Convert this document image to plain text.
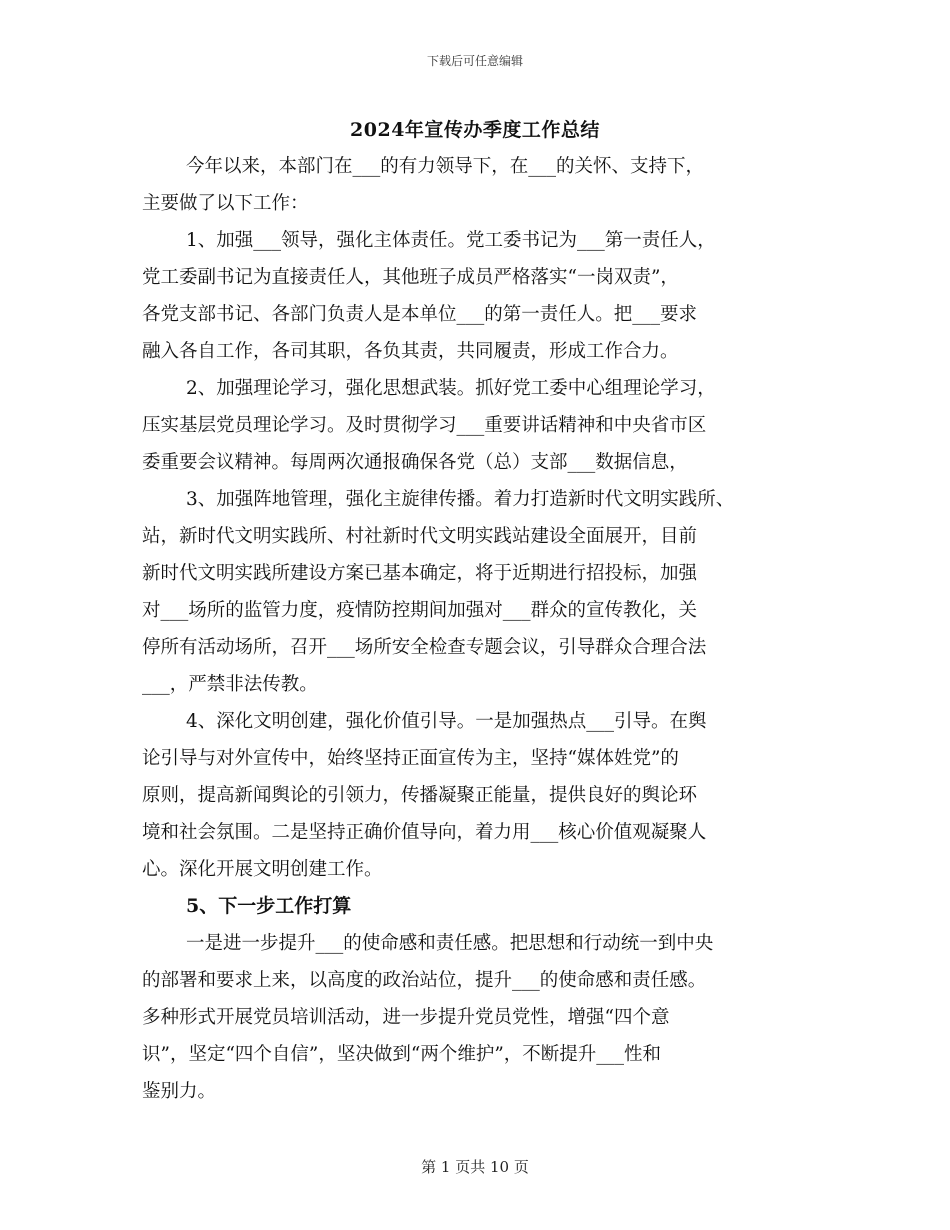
下载后可任意编辑
2024年宣传办季度工作总结
今年以来，本部门在___的有力领导下，在___的关怀、支持下，
主要做了以下工作：
1、加强___领导，强化主体责任。党工委书记为___第一责任人，
党工委副书记为直接责任人，其他班子成员严格落实“一岗双责”，
各党支部书记、各部门负责人是本单位___的第一责任人。把___要求
融入各自工作，各司其职，各负其责，共同履责，形成工作合力。
2、加强理论学习，强化思想武装。抓好党工委中心组理论学习，
压实基层党员理论学习。及时贯彻学习___重要讲话精神和中央省市区
委重要会议精神。每周两次通报确保各党（总）支部___数据信息，
3、加强阵地管理，强化主旋律传播。着力打造新时代文明实践所、
站，新时代文明实践所、村社新时代文明实践站建设全面展开，目前
新时代文明实践所建设方案已基本确定，将于近期进行招投标，加强
对___场所的监管力度，疫情防控期间加强对___群众的宣传教化，关
停所有活动场所，召开___场所安全检查专题会议，引导群众合理合法
___，严禁非法传教。
4、深化文明创建，强化价值引导。一是加强热点___引导。在舆
论引导与对外宣传中，始终坚持正面宣传为主，坚持“媒体姓党”的
原则，提高新闻舆论的引领力，传播凝聚正能量，提供良好的舆论环
境和社会氛围。二是坚持正确价值导向，着力用___核心价值观凝聚人
心。深化开展文明创建工作。
5、下一步工作打算
一是进一步提升___的使命感和责任感。把思想和行动统一到中央
的部署和要求上来，以高度的政治站位，提升___的使命感和责任感。
多种形式开展党员培训活动，进一步提升党员党性，增强“四个意
识”，坚定“四个自信”，坚决做到“两个维护”，不断提升___性和
鉴别力。
第 1 页共 10 页
